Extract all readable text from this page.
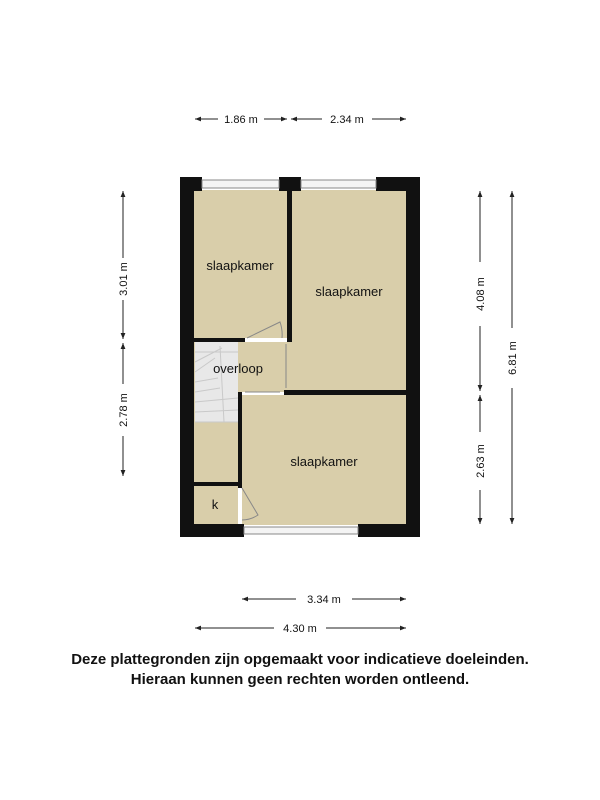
slaapkamer
slaapkamer
overloop
slaapkamer
k
1.86 m	2.34 m
3.01 m
2.78 m
4.08 m
2.63 m
6.81 m
3.34 m
4.30 m
Deze plattegronden zijn opgemaakt voor indicatieve doeleinden.
Hieraan kunnen geen rechten worden ontleend.
